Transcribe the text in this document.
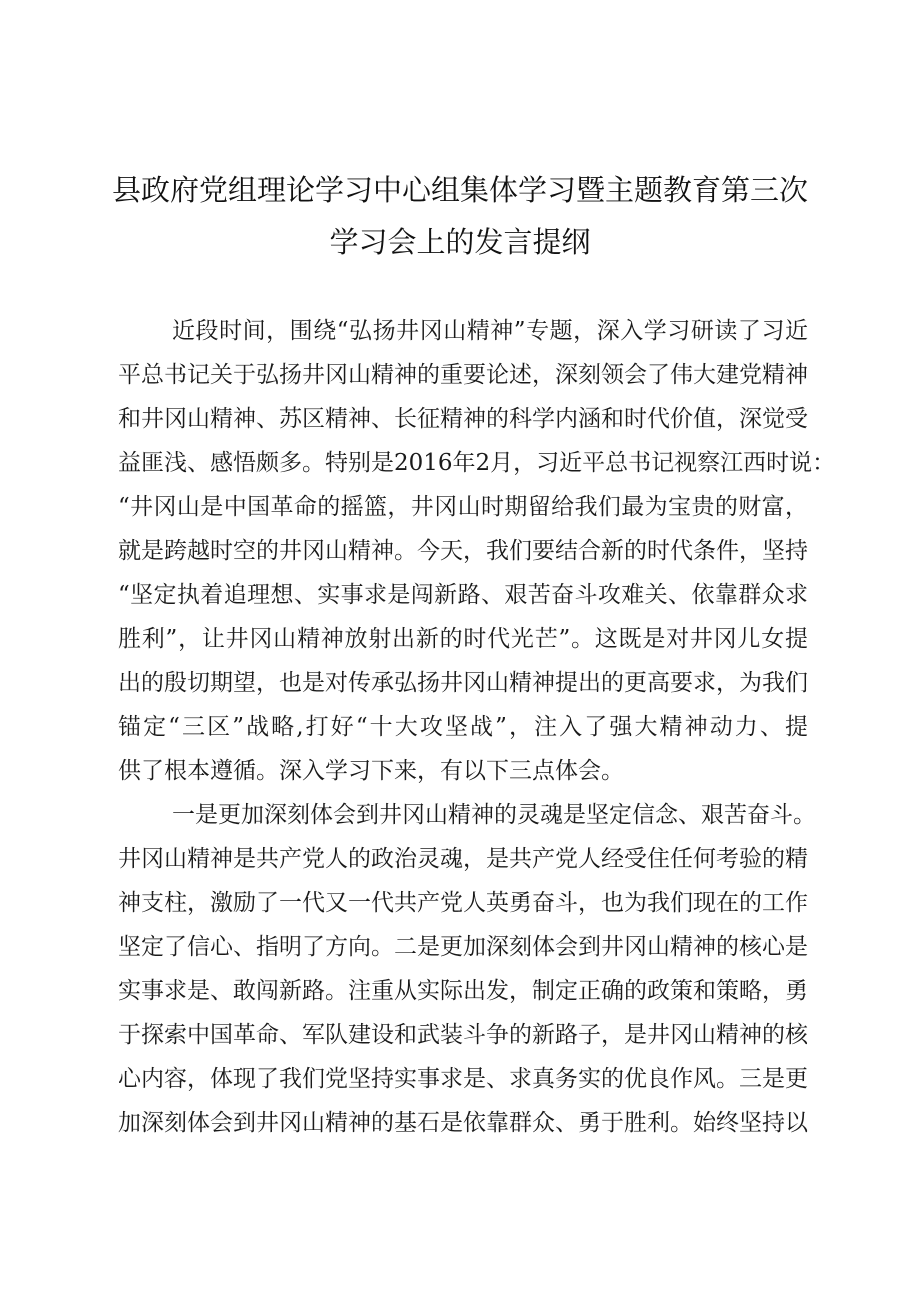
县政府党组理论学习中心组集体学习暨主题教育第三次
学习会上的发言提纲

近段时间，围绕“弘扬井冈山精神”专题，深入学习研读了习近

平总书记关于弘扬井冈山精神的重要论述，深刻领会了伟大建党精神

和井冈山精神、苏区精神、长征精神的科学内涵和时代价值，深觉受

益匪浅、感悟颇多。特别是2016年2月，习近平总书记视察江西时说：

“井冈山是中国革命的摇篮，井冈山时期留给我们最为宝贵的财富，

就是跨越时空的井冈山精神。今天，我们要结合新的时代条件，坚持

“坚定执着追理想、实事求是闯新路、艰苦奋斗攻难关、依靠群众求

胜利”，让井冈山精神放射出新的时代光芒”。这既是对井冈儿女提

出的殷切期望，也是对传承弘扬井冈山精神提出的更高要求，为我们

锚定“三区”战略,打好“十大攻坚战”，注入了强大精神动力、提

供了根本遵循。深入学习下来，有以下三点体会。

一是更加深刻体会到井冈山精神的灵魂是坚定信念、艰苦奋斗。

井冈山精神是共产党人的政治灵魂，是共产党人经受住任何考验的精

神支柱，激励了一代又一代共产党人英勇奋斗，也为我们现在的工作

坚定了信心、指明了方向。二是更加深刻体会到井冈山精神的核心是

实事求是、敢闯新路。注重从实际出发，制定正确的政策和策略，勇

于探索中国革命、军队建设和武装斗争的新路子，是井冈山精神的核

心内容，体现了我们党坚持实事求是、求真务实的优良作风。三是更

加深刻体会到井冈山精神的基石是依靠群众、勇于胜利。始终坚持以
